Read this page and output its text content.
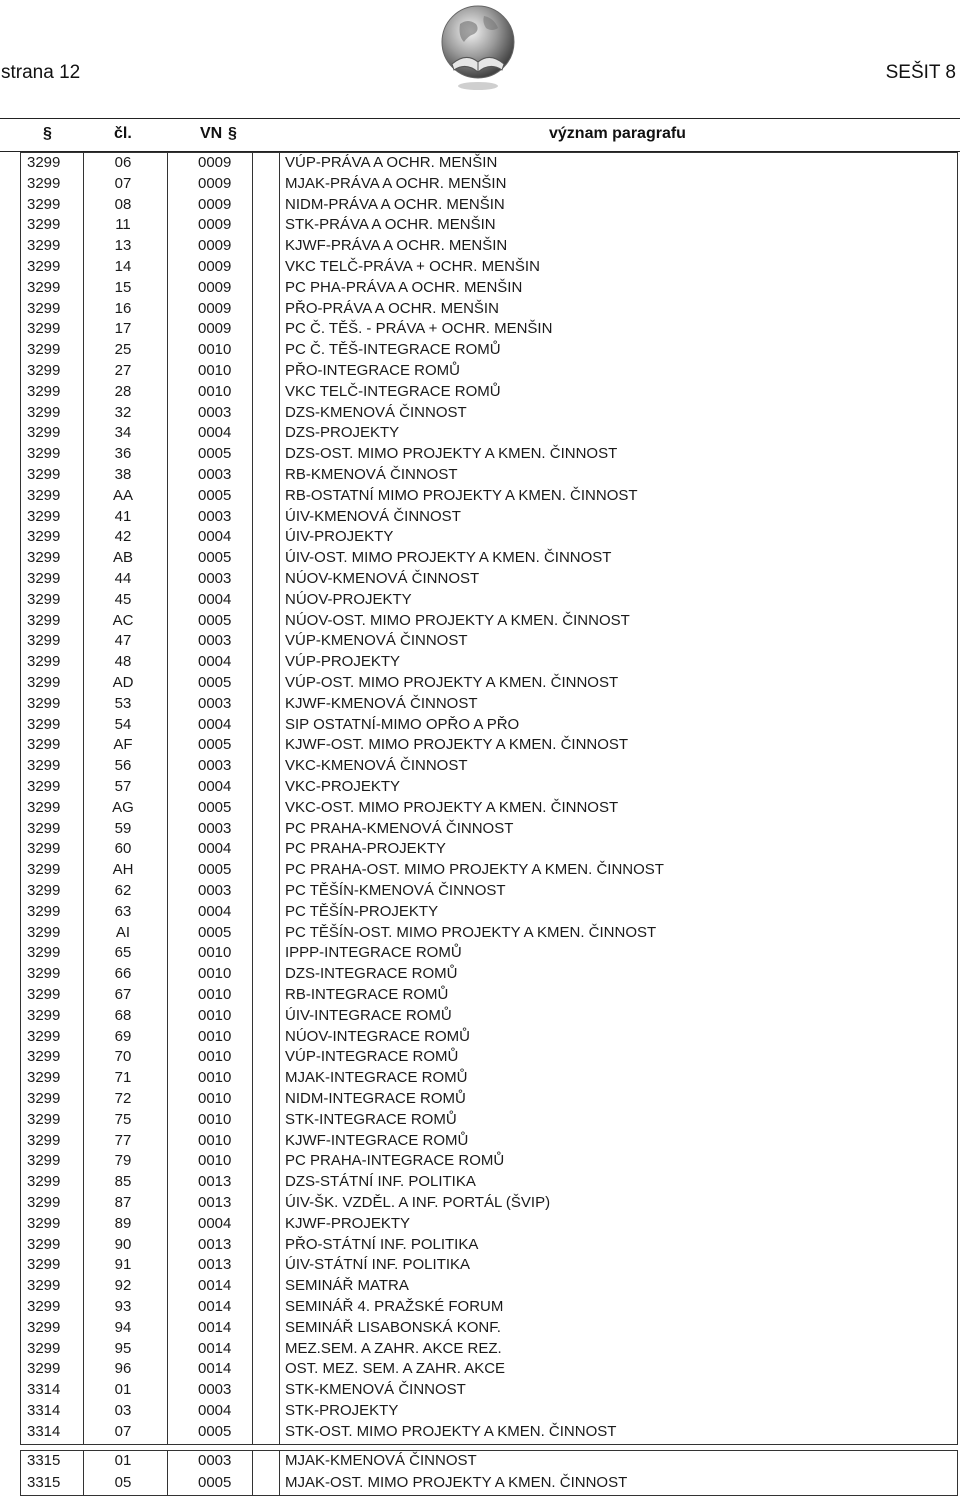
strana 12	SEŠIT 8
§	čl.	VN §	význam paragrafu
3299	06	0009	VÚP-PRÁVA A OCHR. MENŠIN
3299	07	0009	MJAK-PRÁVA A OCHR. MENŠIN
3299	08	0009	NIDM-PRÁVA A OCHR. MENŠIN
3299	11	0009	STK-PRÁVA A OCHR. MENŠIN
3299	13	0009	KJWF-PRÁVA A OCHR. MENŠIN
3299	14	0009	VKC TELČ-PRÁVA + OCHR. MENŠIN
3299	15	0009	PC PHA-PRÁVA A OCHR. MENŠIN
3299	16	0009	PŘO-PRÁVA A OCHR. MENŠIN
3299	17	0009	PC Č. TĚŠ. - PRÁVA + OCHR. MENŠIN
3299	25	0010	PC Č. TĚŠ-INTEGRACE ROMŮ
3299	27	0010	PŘO-INTEGRACE ROMŮ
3299	28	0010	VKC TELČ-INTEGRACE ROMŮ
3299	32	0003	DZS-KMENOVÁ ČINNOST
3299	34	0004	DZS-PROJEKTY
3299	36	0005	DZS-OST. MIMO PROJEKTY A KMEN. ČINNOST
3299	38	0003	RB-KMENOVÁ ČINNOST
3299	AA	0005	RB-OSTATNÍ MIMO PROJEKTY A KMEN. ČINNOST
3299	41	0003	ÚIV-KMENOVÁ ČINNOST
3299	42	0004	ÚIV-PROJEKTY
3299	AB	0005	ÚIV-OST. MIMO PROJEKTY A KMEN. ČINNOST
3299	44	0003	NÚOV-KMENOVÁ ČINNOST
3299	45	0004	NÚOV-PROJEKTY
3299	AC	0005	NÚOV-OST. MIMO PROJEKTY A KMEN. ČINNOST
3299	47	0003	VÚP-KMENOVÁ ČINNOST
3299	48	0004	VÚP-PROJEKTY
3299	AD	0005	VÚP-OST. MIMO PROJEKTY A KMEN. ČINNOST
3299	53	0003	KJWF-KMENOVÁ ČINNOST
3299	54	0004	SIP OSTATNÍ-MIMO OPŘO A PŘO
3299	AF	0005	KJWF-OST. MIMO PROJEKTY A KMEN. ČINNOST
3299	56	0003	VKC-KMENOVÁ ČINNOST
3299	57	0004	VKC-PROJEKTY
3299	AG	0005	VKC-OST. MIMO PROJEKTY A KMEN. ČINNOST
3299	59	0003	PC PRAHA-KMENOVÁ ČINNOST
3299	60	0004	PC PRAHA-PROJEKTY
3299	AH	0005	PC PRAHA-OST. MIMO PROJEKTY A KMEN. ČINNOST
3299	62	0003	PC TĚŠÍN-KMENOVÁ ČINNOST
3299	63	0004	PC TĚŠÍN-PROJEKTY
3299	AI	0005	PC TĚŠÍN-OST. MIMO PROJEKTY A KMEN. ČINNOST
3299	65	0010	IPPP-INTEGRACE ROMŮ
3299	66	0010	DZS-INTEGRACE ROMŮ
3299	67	0010	RB-INTEGRACE ROMŮ
3299	68	0010	ÚIV-INTEGRACE ROMŮ
3299	69	0010	NÚOV-INTEGRACE ROMŮ
3299	70	0010	VÚP-INTEGRACE ROMŮ
3299	71	0010	MJAK-INTEGRACE ROMŮ
3299	72	0010	NIDM-INTEGRACE ROMŮ
3299	75	0010	STK-INTEGRACE ROMŮ
3299	77	0010	KJWF-INTEGRACE ROMŮ
3299	79	0010	PC PRAHA-INTEGRACE ROMŮ
3299	85	0013	DZS-STÁTNÍ INF. POLITIKA
3299	87	0013	ÚIV-ŠK. VZDĚL. A INF. PORTÁL (ŠVIP)
3299	89	0004	KJWF-PROJEKTY
3299	90	0013	PŘO-STÁTNÍ INF. POLITIKA
3299	91	0013	ÚIV-STÁTNÍ INF. POLITIKA
3299	92	0014	SEMINÁŘ MATRA
3299	93	0014	SEMINÁŘ 4. PRAŽSKÉ FORUM
3299	94	0014	SEMINÁŘ LISABONSKÁ KONF.
3299	95	0014	MEZ.SEM. A ZAHR. AKCE REZ.
3299	96	0014	OST. MEZ. SEM. A ZAHR. AKCE
3314	01	0003	STK-KMENOVÁ ČINNOST
3314	03	0004	STK-PROJEKTY
3314	07	0005	STK-OST. MIMO PROJEKTY A KMEN. ČINNOST
3315	01	0003	MJAK-KMENOVÁ ČINNOST
3315	05	0005	MJAK-OST. MIMO PROJEKTY A KMEN. ČINNOST
